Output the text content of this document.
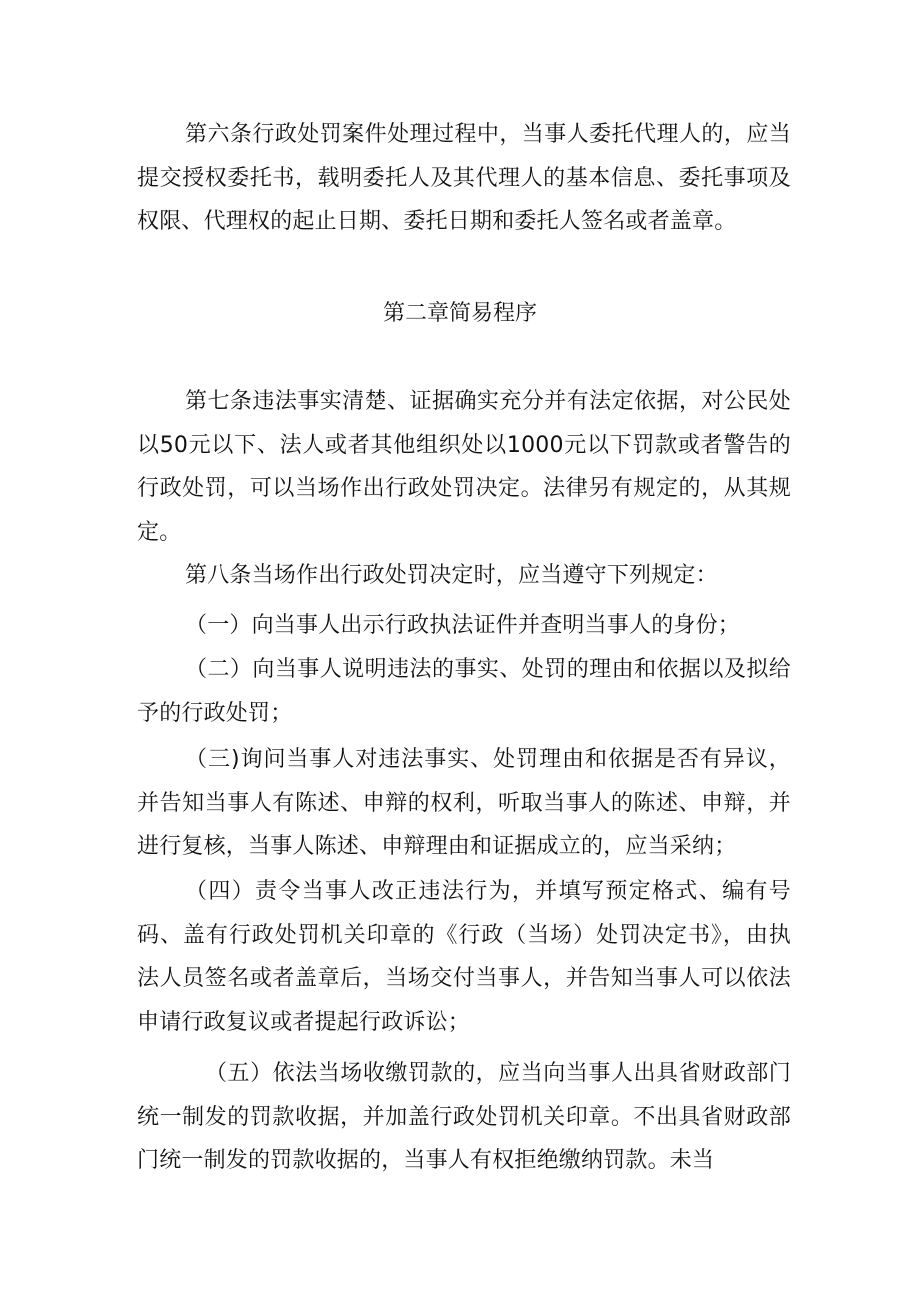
第六条行政处罚案件处理过程中，当事人委托代理人的，应当提交授权委托书，载明委托人及其代理人的基本信息、委托事项及权限、代理权的起止日期、委托日期和委托人签名或者盖章。

第二章简易程序

第七条违法事实清楚、证据确实充分并有法定依据，对公民处以50元以下、法人或者其他组织处以1000元以下罚款或者警告的行政处罚，可以当场作出行政处罚决定。法律另有规定的，从其规定。

第八条当场作出行政处罚决定时，应当遵守下列规定：

（一）向当事人出示行政执法证件并查明当事人的身份；

（二）向当事人说明违法的事实、处罚的理由和依据以及拟给予的行政处罚；

（三)询问当事人对违法事实、处罚理由和依据是否有异议，并告知当事人有陈述、申辩的权利，听取当事人的陈述、申辩，并进行复核，当事人陈述、申辩理由和证据成立的，应当采纳；

（四）责令当事人改正违法行为，并填写预定格式、编有号码、盖有行政处罚机关印章的《行政（当场）处罚决定书》，由执法人员签名或者盖章后，当场交付当事人，并告知当事人可以依法申请行政复议或者提起行政诉讼；

（五）依法当场收缴罚款的，应当向当事人出具省财政部门统一制发的罚款收据，并加盖行政处罚机关印章。不出具省财政部门统一制发的罚款收据的，当事人有权拒绝缴纳罚款。未当
